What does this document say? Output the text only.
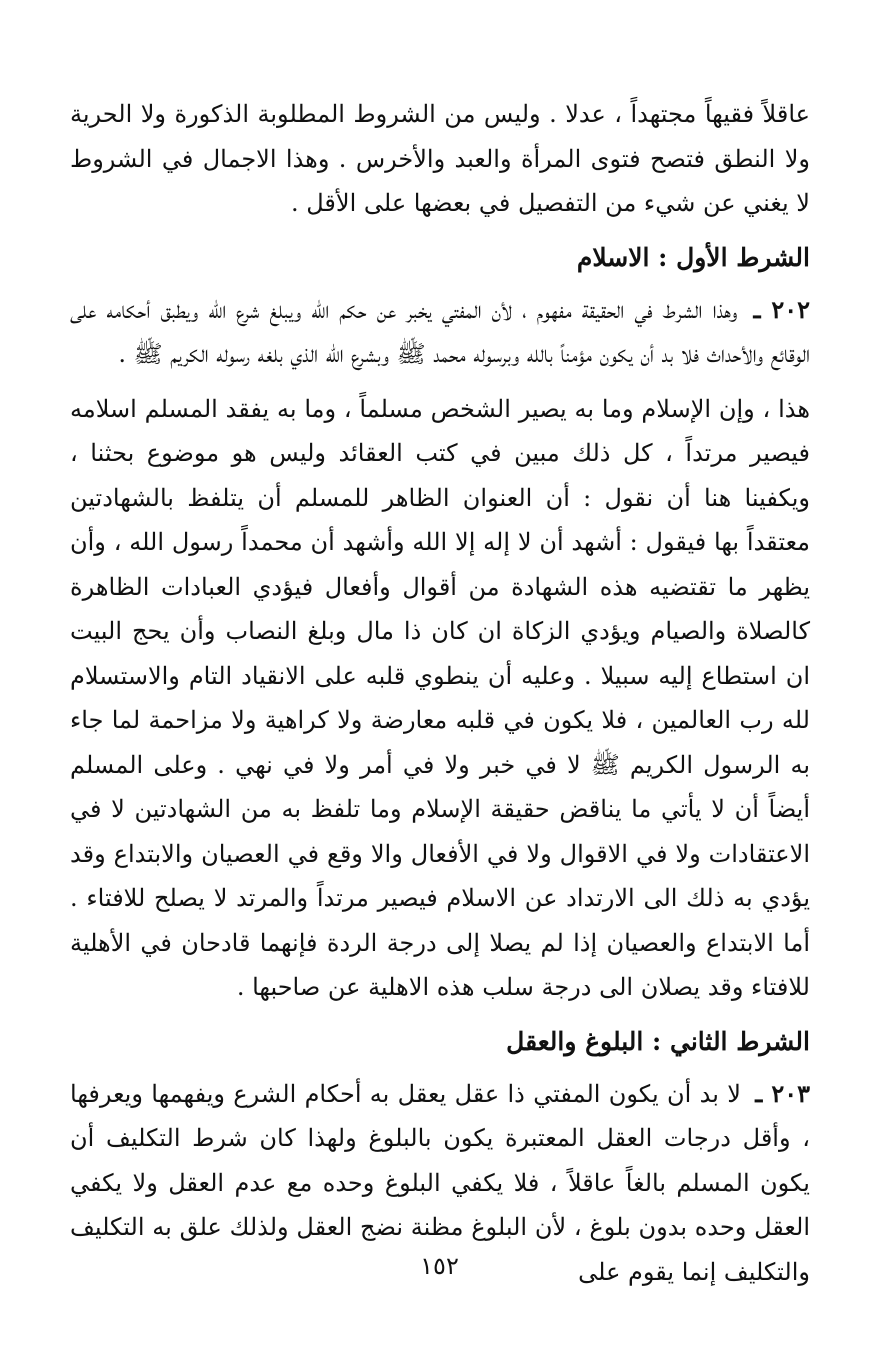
عاقلاً فقيهاً مجتهداً ، عدلا . وليس من الشروط المطلوبة الذكورة ولا الحرية ولا النطق فتصح فتوى المرأة والعبد والأخرس . وهذا الاجمال في الشروط لا يغني عن شيء من التفصيل في بعضها على الأقل .

الشرط الأول : الاسلام

٢٠٢ ـ وهذا الشرط في الحقيقة مفهوم ، لأن المفتي يخبر عن حكم الله ويبلغ شرع الله ويطبق أحكامه على الوقائع والأحداث فلا بد أن يكون مؤمناً بالله وبرسوله محمد ﷺ وبشرع الله الذي بلغه رسوله الكريم ﷺ .

هذا ، وإن الإسلام وما به يصير الشخص مسلماً ، وما به يفقد المسلم اسلامه فيصير مرتداً ، كل ذلك مبين في كتب العقائد وليس هو موضوع بحثنا ، ويكفينا هنا أن نقول : أن العنوان الظاهر للمسلم أن يتلفظ بالشهادتين معتقداً بها فيقول : أشهد أن لا إله إلا الله وأشهد أن محمداً رسول الله ، وأن يظهر ما تقتضيه هذه الشهادة من أقوال وأفعال فيؤدي العبادات الظاهرة كالصلاة والصيام ويؤدي الزكاة ان كان ذا مال وبلغ النصاب وأن يحج البيت ان استطاع إليه سبيلا . وعليه أن ينطوي قلبه على الانقياد التام والاستسلام لله رب العالمين ، فلا يكون في قلبه معارضة ولا كراهية ولا مزاحمة لما جاء به الرسول الكريم ﷺ لا في خبر ولا في أمر ولا في نهي . وعلى المسلم أيضاً أن لا يأتي ما يناقض حقيقة الإسلام وما تلفظ به من الشهادتين لا في الاعتقادات ولا في الاقوال ولا في الأفعال والا وقع في العصيان والابتداع وقد يؤدي به ذلك الى الارتداد عن الاسلام فيصير مرتداً والمرتد لا يصلح للافتاء . أما الابتداع والعصيان إذا لم يصلا إلى درجة الردة فإنهما قادحان في الأهلية للافتاء وقد يصلان الى درجة سلب هذه الاهلية عن صاحبها .

الشرط الثاني : البلوغ والعقل

٢٠٣ ـ لا بد أن يكون المفتي ذا عقل يعقل به أحكام الشرع ويفهمها ويعرفها ، وأقل درجات العقل المعتبرة يكون بالبلوغ ولهذا كان شرط التكليف أن يكون المسلم بالغاً عاقلاً ، فلا يكفي البلوغ وحده مع عدم العقل ولا يكفي العقل وحده بدون بلوغ ، لأن البلوغ مظنة نضج العقل ولذلك علق به التكليف والتكليف إنما يقوم على

١٥٢
